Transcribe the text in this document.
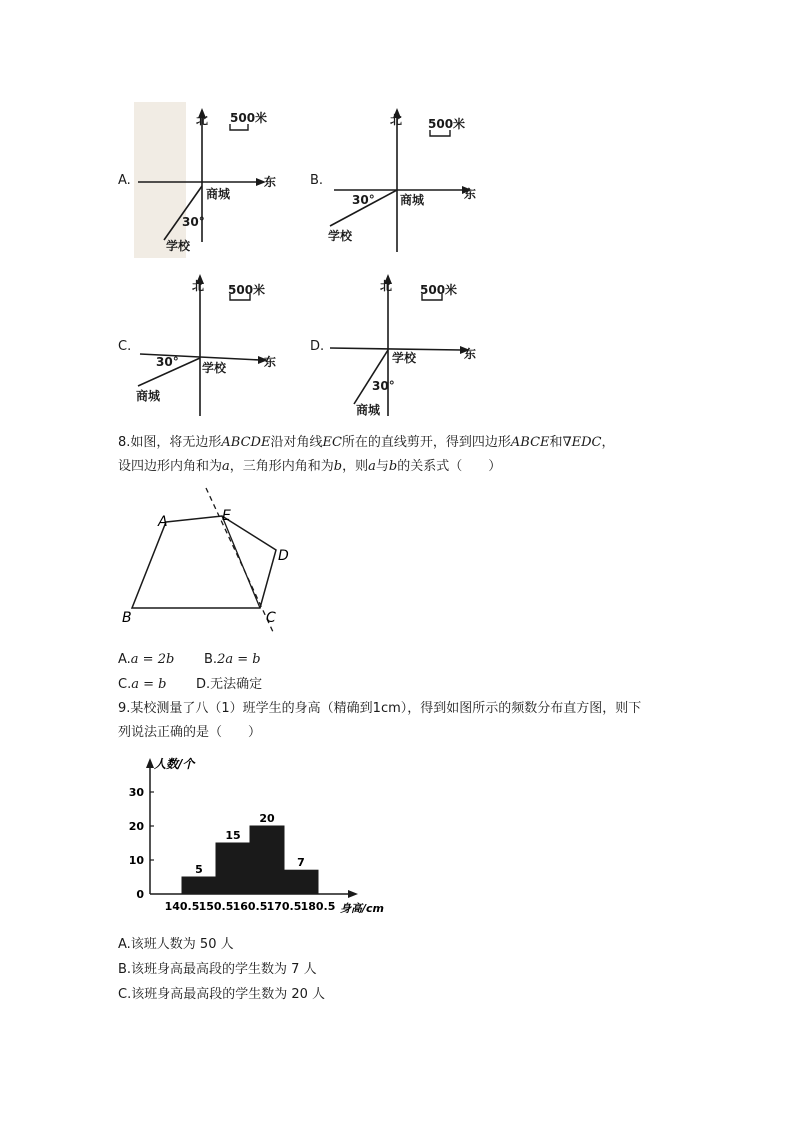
A.
北 500米
东
商城
30°
学校
B.
北 500米
东
商城
30°
学校
C.
北 500米
东
学校
30°
商城
D.
北 500米
东
学校
30°
商城
8.如图，将无边形ABCDE沿对角线EC所在的直线剪开，得到四边形ABCE和∇EDC，
设四边形内角和为a，三角形内角和为b，则a与b的关系式（　　）
A	E
D
C
B
A.a = 2b B.2a = b
C.a = b D.无法确定
9.某校测量了八（1）班学生的身高（精确到1cm），得到如图所示的频数分布直方图，则下
列说法正确的是（　　）
人数/个
身高/cm
0
10
20
30
5
15
20
7
140.5 150.5 160.5 170.5 180.5
A.该班人数为 50 人
B.该班身高最高段的学生数为 7 人
C.该班身高最高段的学生数为 20 人
